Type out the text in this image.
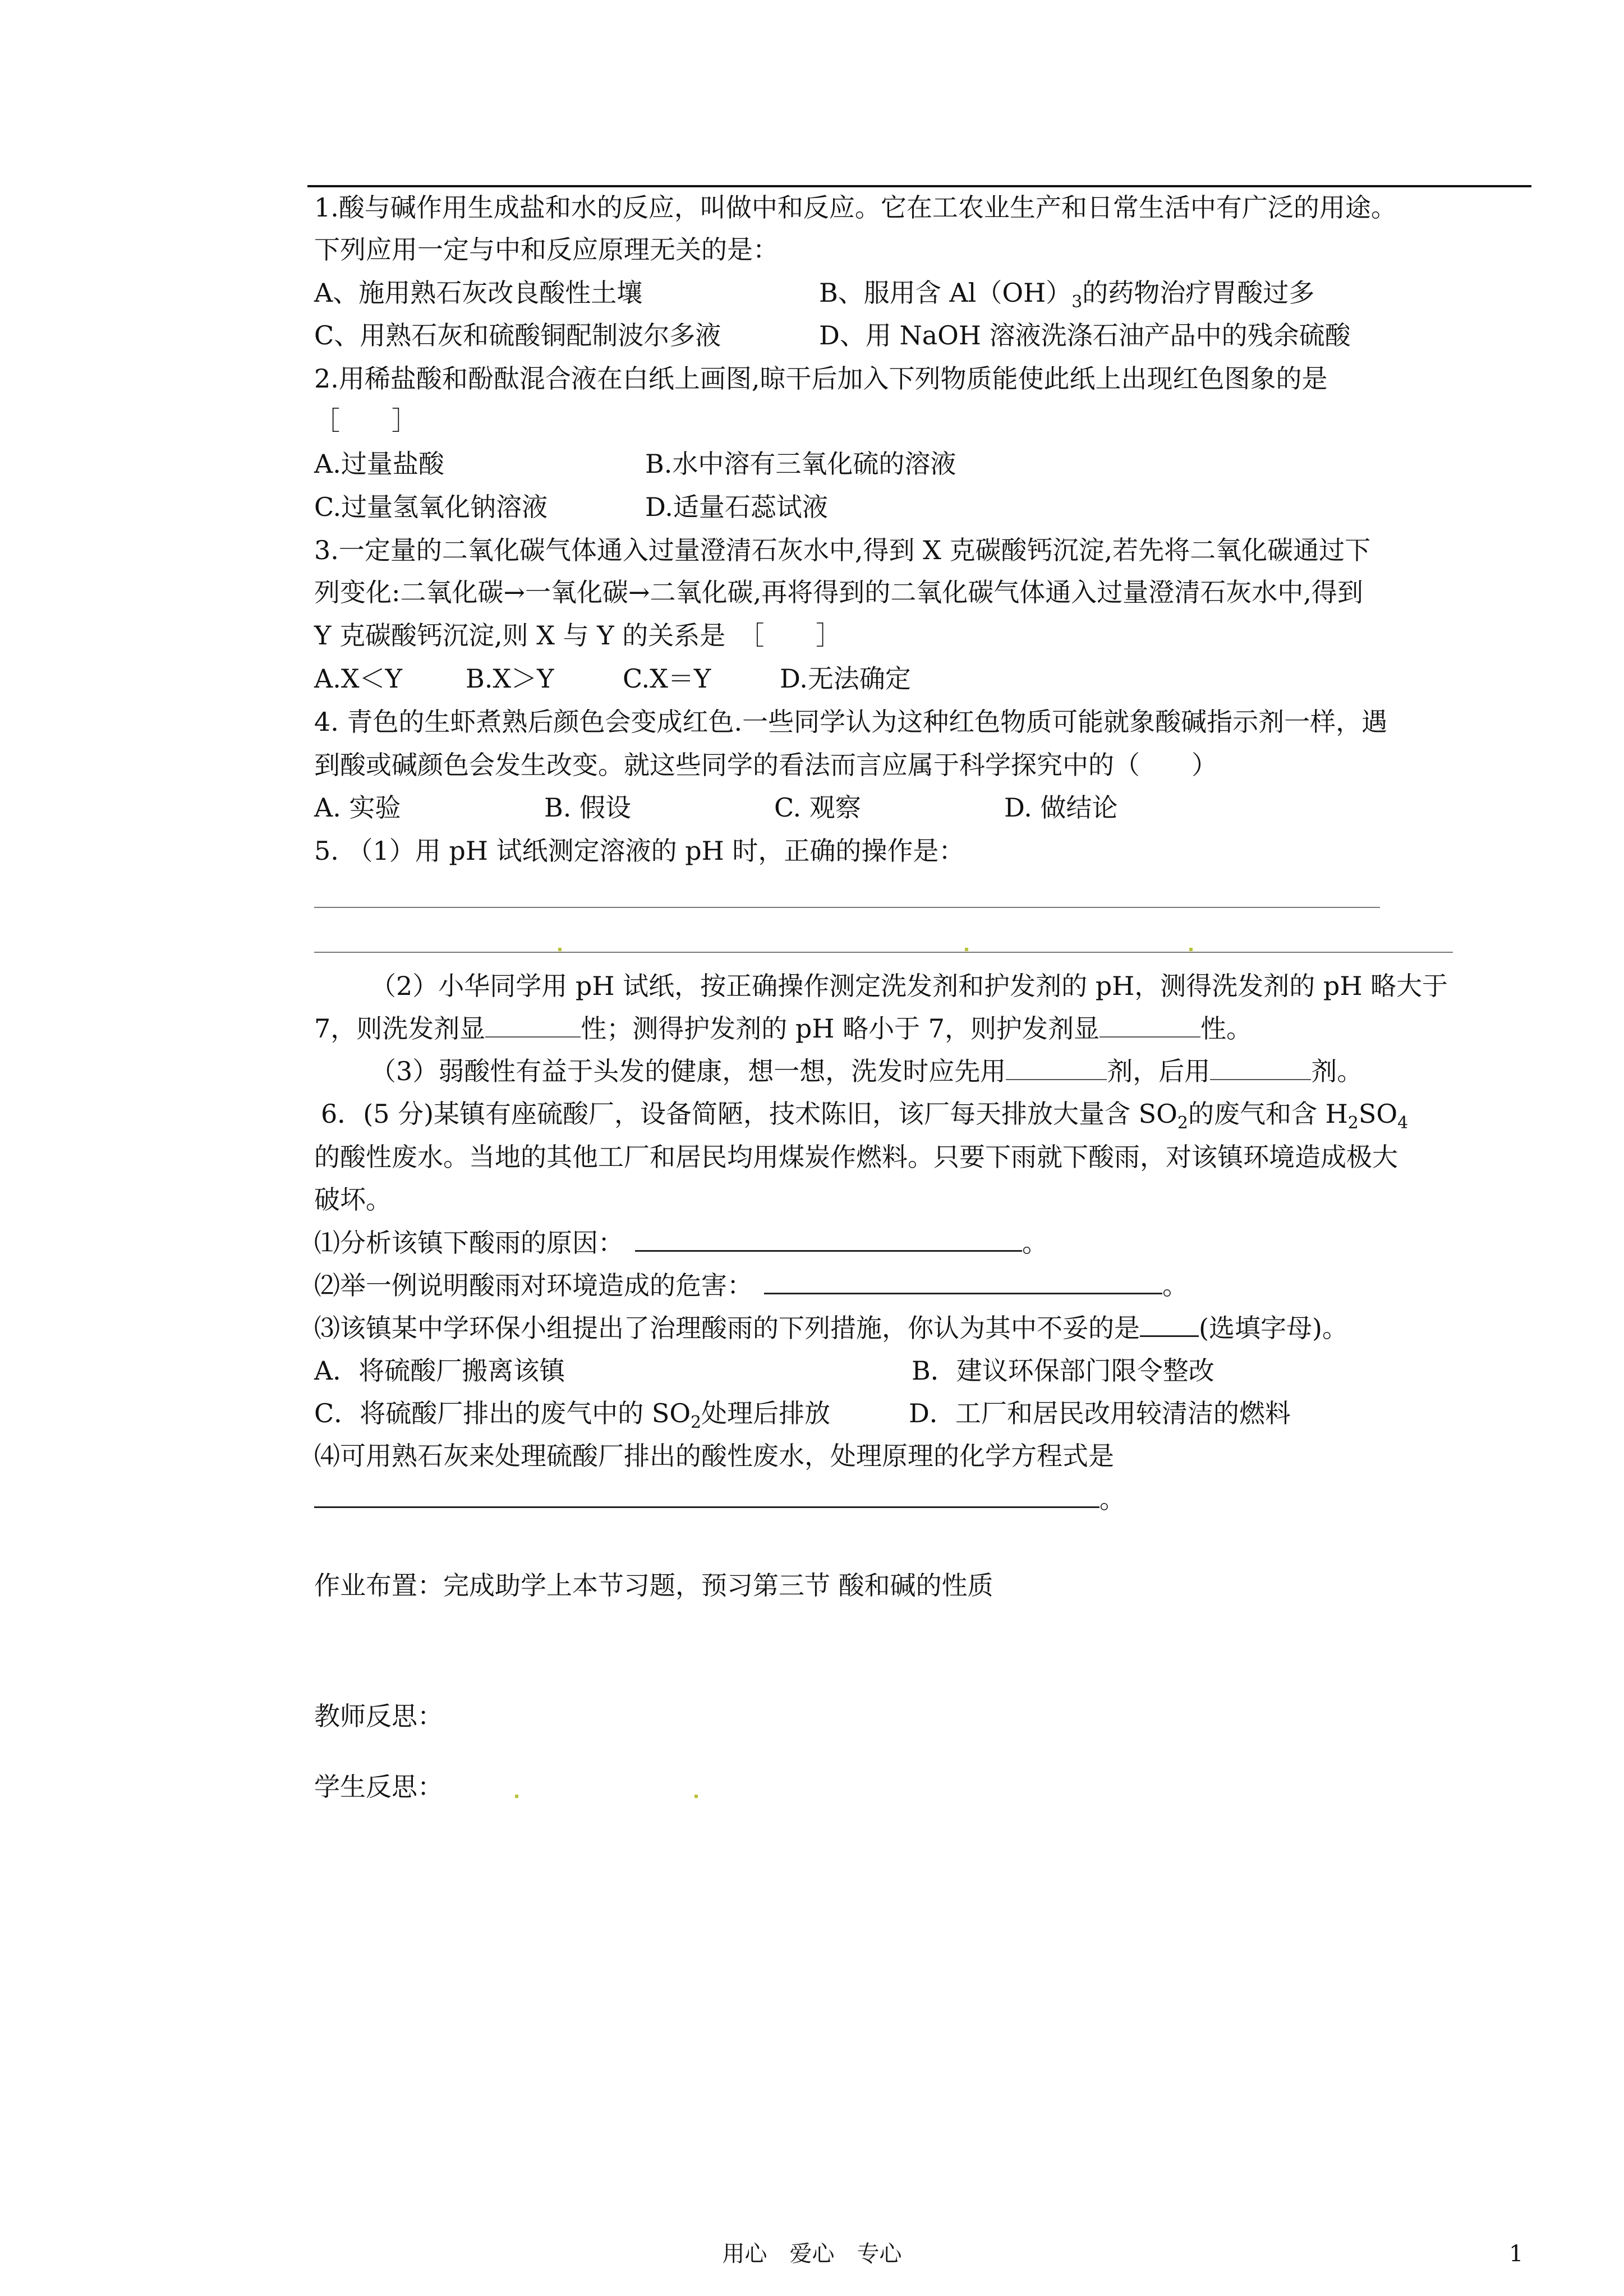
1.酸与碱作用生成盐和水的反应，叫做中和反应。它在工农业生产和日常生活中有广泛的用途。
下列应用一定与中和反应原理无关的是：
A、施用熟石灰改良酸性土壤	B、服用含 $Al(OH)_3$的药物治疗胃酸过多
C、用熟石灰和硫酸铜配制波尔多液	D、用 NaOH 溶液洗涤石油产品中的残余硫酸
2.用稀盐酸和酚酞混合液在白纸上画图,晾干后加入下列物质能使此纸上出现红色图象的是
［　　］
A.过量盐酸	B.水中溶有三氧化硫的溶液
C.过量氢氧化钠溶液	D.适量石蕊试液
3.一定量的二氧化碳气体通入过量澄清石灰水中,得到 X 克碳酸钙沉淀,若先将二氧化碳通过下
列变化:二氧化碳→一氧化碳→二氧化碳,再将得到的二氧化碳气体通入过量澄清石灰水中,得到
Y 克碳酸钙沉淀,则 X 与 Y 的关系是　［　　］
A.X＜Y B.X＞Y	C.X＝Y	D.无法确定
4. 青色的生虾煮熟后颜色会变成红色.一些同学认为这种红色物质可能就象酸碱指示剂一样，遇
到酸或碱颜色会发生改变。就这些同学的看法而言应属于科学探究中的（　　）
A. 实验	B. 假设	C. 观察	D. 做结论
5. （1）用 pH 试纸测定溶液的 pH 时，正确的操作是：
（2）小华同学用 pH 试纸，按正确操作测定洗发剂和护发剂的 pH，测得洗发剂的 pH 略大于
7，则洗发剂显	性；测得护发剂的 pH 略小于 7，则护发剂显	性。
（3）弱酸性有益于头发的健康，想一想，洗发时应先用	剂，后用	剂。
6．(5 分)某镇有座硫酸厂，设备简陋，技术陈旧，该厂每天排放大量含 $SO_2$的废气和含 $H_2SO_4$
的酸性废水。当地的其他工厂和居民均用煤炭作燃料。只要下雨就下酸雨，对该镇环境造成极大
破坏。
⑴分析该镇下酸雨的原因：	。
⑵举一例说明酸雨对环境造成的危害：	。
⑶该镇某中学环保小组提出了治理酸雨的下列措施，你认为其中不妥的是 (选填字母)。
A．将硫酸厂搬离该镇	B．建议环保部门限令整改
C．将硫酸厂排出的废气中的 $SO_2$处理后排放	D．工厂和居民改用较清洁的燃料
⑷可用熟石灰来处理硫酸厂排出的酸性废水，处理原理的化学方程式是
。
作业布置：完成助学上本节习题，预习第三节 酸和碱的性质
教师反思：
学生反思：
用心　爱心　专心	1
